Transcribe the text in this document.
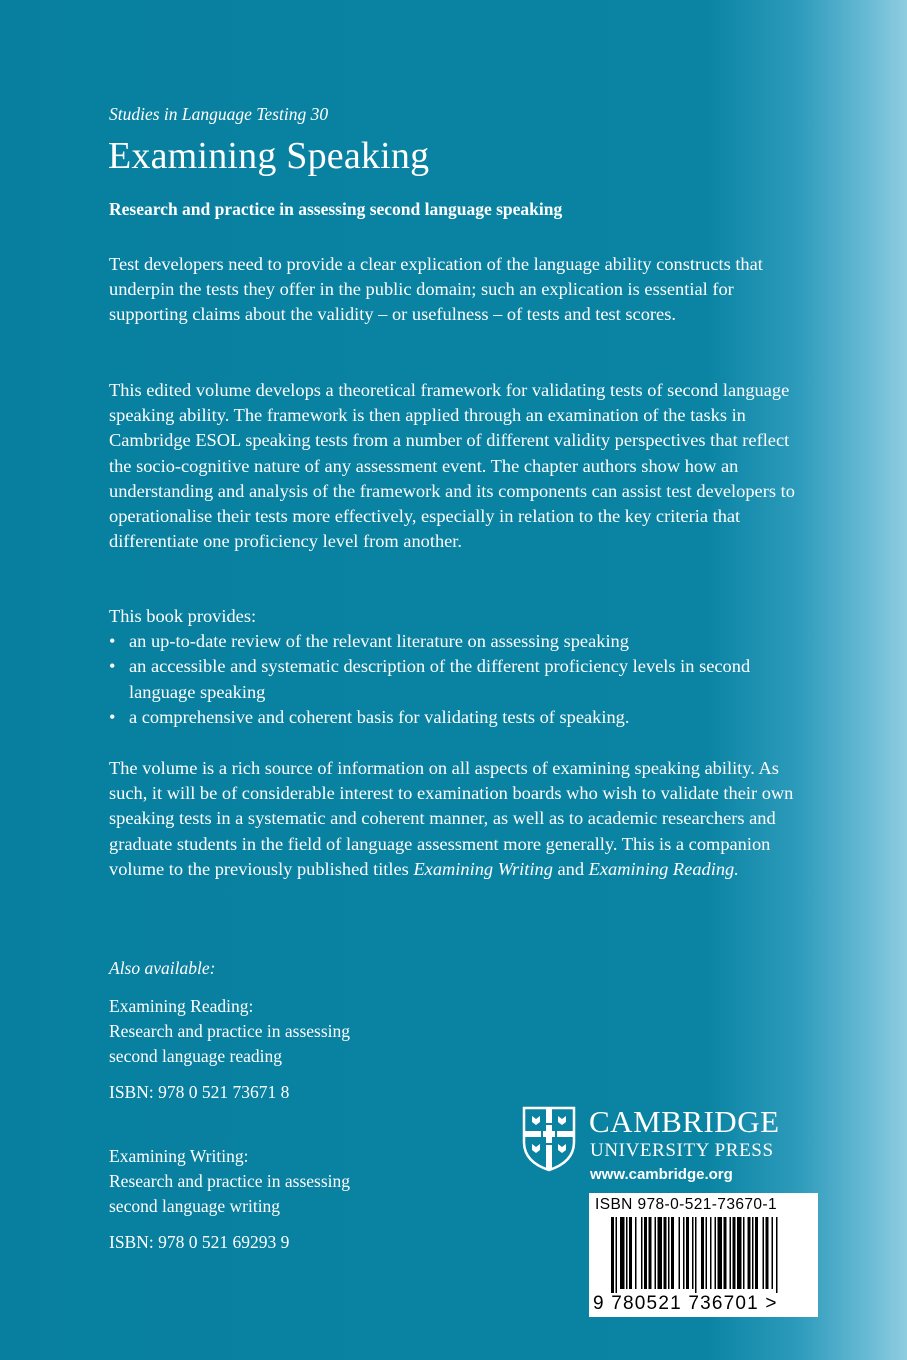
Studies in Language Testing 30
Examining Speaking
Research and practice in assessing second language speaking

Test developers need to provide a clear explication of the language ability constructs that underpin the tests they offer in the public domain; such an explication is essential for supporting claims about the validity – or usefulness – of tests and test scores.

This edited volume develops a theoretical framework for validating tests of second language speaking ability. The framework is then applied through an examination of the tasks in Cambridge ESOL speaking tests from a number of different validity perspectives that reflect the socio-cognitive nature of any assessment event. The chapter authors show how an understanding and analysis of the framework and its components can assist test developers to operationalise their tests more effectively, especially in relation to the key criteria that differentiate one proficiency level from another.

This book provides:
• an up-to-date review of the relevant literature on assessing speaking
• an accessible and systematic description of the different proficiency levels in second language speaking
• a comprehensive and coherent basis for validating tests of speaking.

The volume is a rich source of information on all aspects of examining speaking ability. As such, it will be of considerable interest to examination boards who wish to validate their own speaking tests in a systematic and coherent manner, as well as to academic researchers and graduate students in the field of language assessment more generally. This is a companion volume to the previously published titles Examining Writing and Examining Reading.

Also available:
Examining Reading:
Research and practice in assessing
second language reading
ISBN: 978 0 521 73671 8
Examining Writing:
Research and practice in assessing
second language writing
ISBN: 978 0 521 69293 9
CAMBRIDGE
UNIVERSITY PRESS
www.cambridge.org
ISBN 978-0-521-73670-1
9 780521 736701 >
